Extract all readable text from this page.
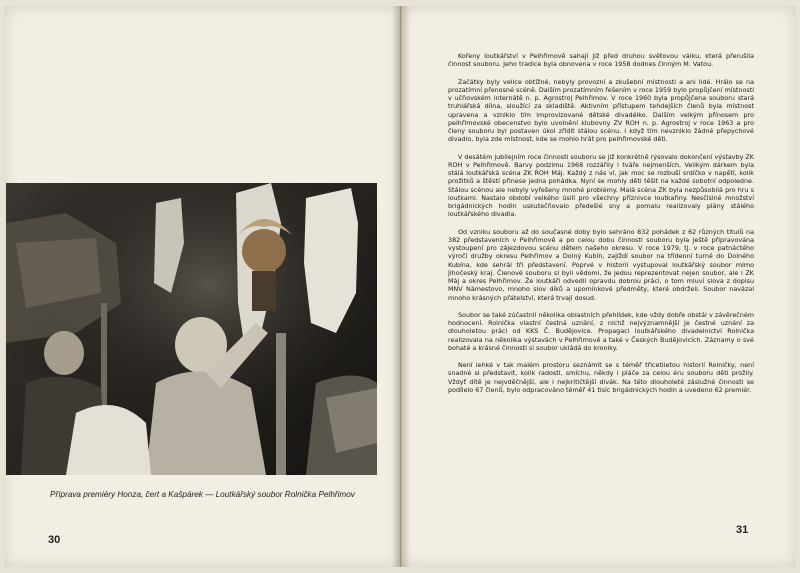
Příprava premiéry Honza, čert a Kašpárek — Loutkářský soubor Rolnička Pelhřimov
30

Kořeny loutkářství v Pelhřimově sahají již před druhou světovou válku, která přerušila činnost souboru. Jeho tradice byla obnovena v roce 1958 dodnes činným M. Vatou.

Začátky byly velice obtížné, nebyly provozní a zkušební místnosti a ani lidé. Hrálo se na prozatímní přenosné scéně. Dalším prozatímním řešením v roce 1959 bylo propůjčení místnosti v učňovském internátě n. p. Agrostroj Pelhřimov. V roce 1960 byla propůjčena souboru stará truhlářská dílna, sloužící za skladiště. Aktivním přístupem tehdejších členů byla místnost upravena a vzniklo tím improvizované dětské divadélko. Dalším velkým přínosem pro pelhřimovské obecenstvo bylo uvolnění klubovny ZV ROH n. p. Agrostroj v roce 1963 a pro členy souboru byl postaven úkol zřídit stálou scénu. I když tím nevzniklo žádné přepychové divadlo, byla zde místnost, kde se mohlo hrát pro pelhřimovské děti.

V desátém jubilejním roce činnosti souboru se již konkrétně rýsovalo dokončení výstavby ZK ROH v Pelhřimově. Barvy podzimu 1968 rozzářily i tváře nejmenších. Velikým dárkem byla stálá loutkářská scéna ZK ROH Máj. Každý z nás ví, jak moc se rozbuší srdíčko v napětí, kolik prožitků a štěstí přinese jedna pohádka. Nyní se mohly děti těšit na každé sobotní odpoledne. Stálou scénou ale nebyly vyřešeny mnohé problémy. Malá scéna ZK byla nezpůsobilá pro hru s loutkami. Nastalo období velkého úsilí pro všechny příznivce loutkařiny. Nesčíslné množství brigádnických hodin uskutečňovalo předešlé sny a pomalu realizovaly plány stálého loutkářského divadla.

Od vzniku souboru až do současné doby bylo sehráno 832 pohádek z 62 různých titulů na 382 představeních v Pelhřimově a po celou dobu činnosti souboru byla ještě připravována vystoupení pro zájezdovou scénu dětem našeho okresu. V roce 1979, tj. v roce patnáctého výročí družby okresu Pelhřimov a Dolný Kubín, zajíždí soubor na třídenní turné do Dolného Kubína, kde sehrál tři představení. Poprvé v historii vystupoval loutkářský soubor mimo Jihočeský kraj. Členové souboru si byli vědomi, že jedou reprezentovat nejen soubor, ale i ZK Máj a okres Pelhřimov. Že loutkáři odvedli opravdu dobrou práci, o tom mluví slova z dopisu MNV Námestovo, mnoho slov díků a upomínkové předměty, které obdrželi. Soubor navázal mnoho krásných přátelství, která trvají dosud.

Soubor se také zúčastnil několika oblastních přehlídek, kde vždy dobře obstál v závěrečném hodnocení. Rolnička vlastní čestná uznání, z nichž nejvýznamnější je čestné uznání za dlouholetou práci od KKS Č. Budějovice. Propagaci loutkářského divadelnictví Rolnička realizovala na několika výstavách v Pelhřimově a také v Českých Budějovicích. Záznamy o své bohaté a krásné činnosti si soubor ukládá do kroniky.

Není lehké v tak malém prostoru seznámit se s téměř třicetiletou historií Rolničky, není snadné si představit, kolik radosti, smíchu, někdy i pláče za celou éru souboru děti prožily. Vždyť dítě je nejvděčnější, ale i nejkritičtější divák. Na této dlouholeté záslužné činnosti se podílelo 67 členů, bylo odpracováno téměř 41 tisíc brigádnických hodin a uvedeno 62 premiér.

31
